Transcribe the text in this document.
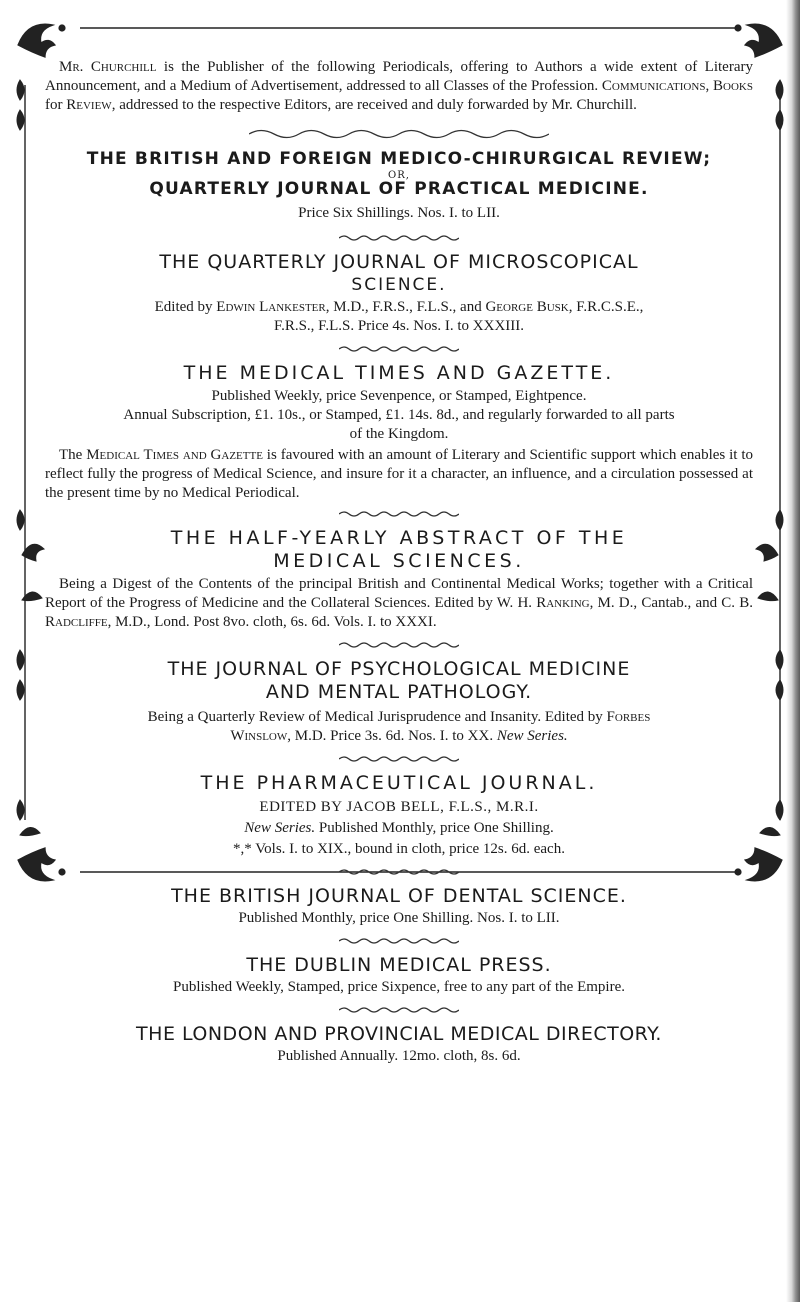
Mr. Churchill is the Publisher of the following Periodicals, offering to Authors a wide extent of Literary Announcement, and a Medium of Advertisement, addressed to all Classes of the Profession. Communications, Books for Review, addressed to the respective Editors, are received and duly forwarded by Mr. Churchill.

THE BRITISH AND FOREIGN MEDICO-CHIRURGICAL REVIEW;

OR,

QUARTERLY JOURNAL OF PRACTICAL MEDICINE.

Price Six Shillings. Nos. I. to LII.

THE QUARTERLY JOURNAL OF MICROSCOPICAL

SCIENCE.

Edited by Edwin Lankester, M.D., F.R.S., F.L.S., and George Busk, F.R.C.S.E.,

F.R.S., F.L.S. Price 4s. Nos. I. to XXXIII.

THE MEDICAL TIMES AND GAZETTE.

Published Weekly, price Sevenpence, or Stamped, Eightpence.

Annual Subscription, £1. 10s., or Stamped, £1. 14s. 8d., and regularly forwarded to all parts

of the Kingdom.

The Medical Times and Gazette is favoured with an amount of Literary and Scientific support which enables it to reflect fully the progress of Medical Science, and insure for it a character, an influence, and a circulation possessed at the present time by no Medical Periodical.

THE HALF-YEARLY ABSTRACT OF THE

MEDICAL SCIENCES.

Being a Digest of the Contents of the principal British and Continental Medical Works; together with a Critical Report of the Progress of Medicine and the Collateral Sciences. Edited by W. H. Ranking, M. D., Cantab., and C. B. Radcliffe, M.D., Lond. Post 8vo. cloth, 6s. 6d. Vols. I. to XXXI.

THE JOURNAL OF PSYCHOLOGICAL MEDICINE

AND MENTAL PATHOLOGY.

Being a Quarterly Review of Medical Jurisprudence and Insanity. Edited by Forbes

Winslow, M.D. Price 3s. 6d. Nos. I. to XX. New Series.

THE PHARMACEUTICAL JOURNAL.

EDITED BY JACOB BELL, F.L.S., M.R.I.

New Series. Published Monthly, price One Shilling.

*,* Vols. I. to XIX., bound in cloth, price 12s. 6d. each.

THE BRITISH JOURNAL OF DENTAL SCIENCE.

Published Monthly, price One Shilling. Nos. I. to LII.

THE DUBLIN MEDICAL PRESS.

Published Weekly, Stamped, price Sixpence, free to any part of the Empire.

THE LONDON AND PROVINCIAL MEDICAL DIRECTORY.

Published Annually. 12mo. cloth, 8s. 6d.
